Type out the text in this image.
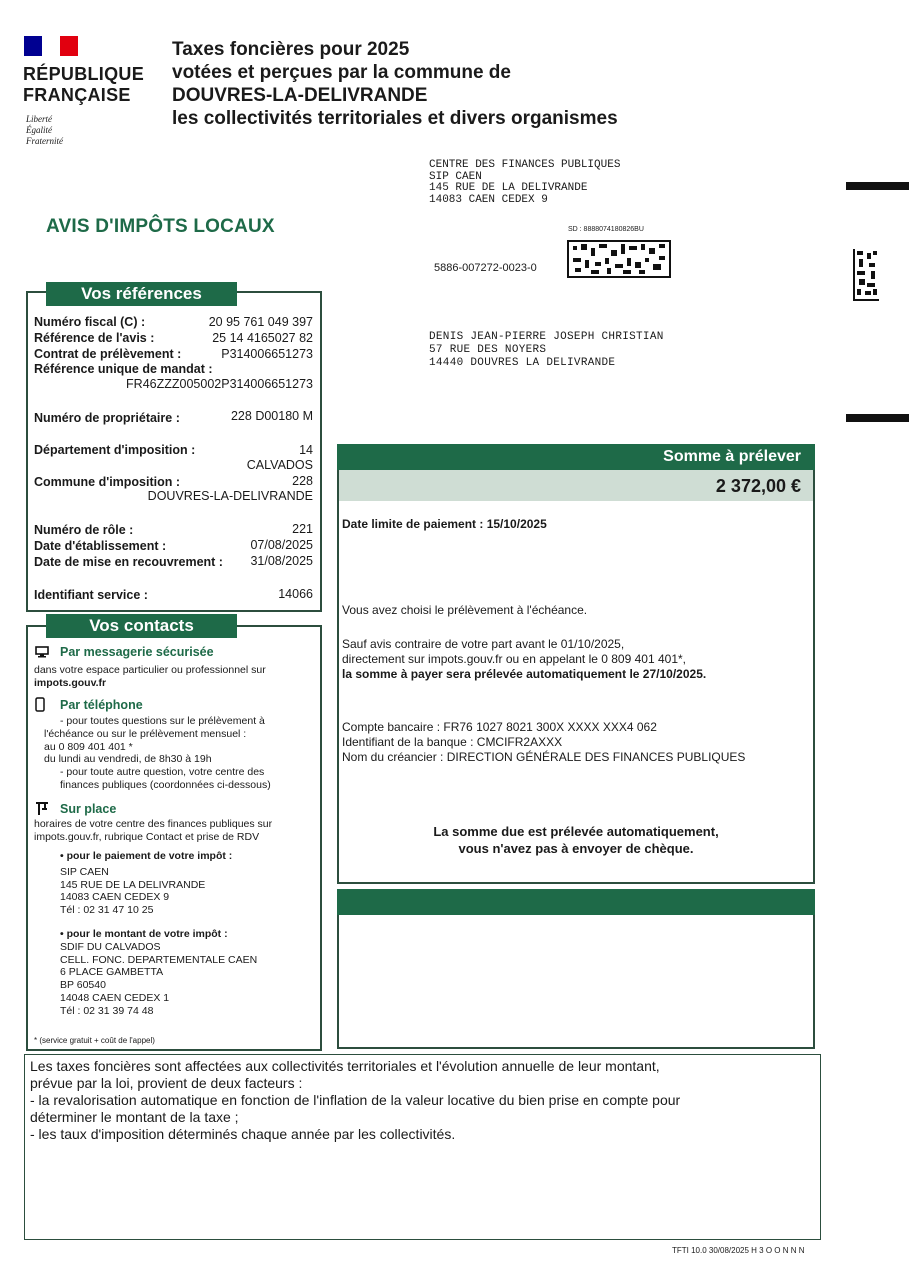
RÉPUBLIQUE
FRANÇAISE
Liberté
Égalité
Fraternité
Taxes foncières pour 2025
votées et perçues par la commune de
DOUVRES-LA-DELIVRANDE
les collectivités territoriales et divers organismes
CENTRE DES FINANCES PUBLIQUES
SIP CAEN
145 RUE DE LA DELIVRANDE
14083 CAEN CEDEX 9
AVIS D'IMPÔTS LOCAUX	SD : 8888074180826BU
5886-007272-0023-0
DENIS JEAN-PIERRE JOSEPH CHRISTIAN
57 RUE DES NOYERS
14440 DOUVRES LA DELIVRANDE
Vos références
Numéro fiscal (C) :	20 95 761 049 397
Référence de l'avis :	25 14 4165027 82
Contrat de prélèvement :	P314006651273
Référence unique de mandat :
FR46ZZZ005002P314006651273
Numéro de propriétaire :	228 D00180 M
Département d'imposition :	14
CALVADOS
Commune d'imposition :	228
DOUVRES-LA-DELIVRANDE
Numéro de rôle :	221
Date d'établissement :	07/08/2025
Date de mise en recouvrement : 31/08/2025
Identifiant service :	14066
Vos contacts
Par messagerie sécurisée
dans votre espace particulier ou professionnel sur
impots.gouv.fr
Par téléphone
- pour toutes questions sur le prélèvement à
l'échéance ou sur le prélèvement mensuel :
au 0 809 401 401 *
du lundi au vendredi, de 8h30 à 19h
- pour toute autre question, votre centre des
finances publiques (coordonnées ci-dessous)
Sur place
horaires de votre centre des finances publiques sur
impots.gouv.fr, rubrique Contact et prise de RDV
• pour le paiement de votre impôt :
SIP CAEN
145 RUE DE LA DELIVRANDE
14083 CAEN CEDEX 9
Tél : 02 31 47 10 25
• pour le montant de votre impôt :
SDIF DU CALVADOS
CELL. FONC. DEPARTEMENTALE CAEN
6 PLACE GAMBETTA
BP 60540
14048 CAEN CEDEX 1
Tél : 02 31 39 74 48
* (service gratuit + coût de l'appel)
Somme à prélever
2 372,00 €
Date limite de paiement : 15/10/2025
Vous avez choisi le prélèvement à l'échéance.
Sauf avis contraire de votre part avant le 01/10/2025,
directement sur impots.gouv.fr ou en appelant le 0 809 401 401*,
la somme à payer sera prélevée automatiquement le 27/10/2025.
Compte bancaire : FR76 1027 8021 300X XXXX XXX4 062
Identifiant de la banque : CMCIFR2AXXX
Nom du créancier : DIRECTION GÉNÉRALE DES FINANCES PUBLIQUES
La somme due est prélevée automatiquement,
vous n'avez pas à envoyer de chèque.
Les taxes foncières sont affectées aux collectivités territoriales et l'évolution annuelle de leur montant,
prévue par la loi, provient de deux facteurs :
- la revalorisation automatique en fonction de l'inflation de la valeur locative du bien prise en compte pour
déterminer le montant de la taxe ;
- les taux d'imposition déterminés chaque année par les collectivités.
TFTI 10.0 30/08/2025 H 3 O O N N N
